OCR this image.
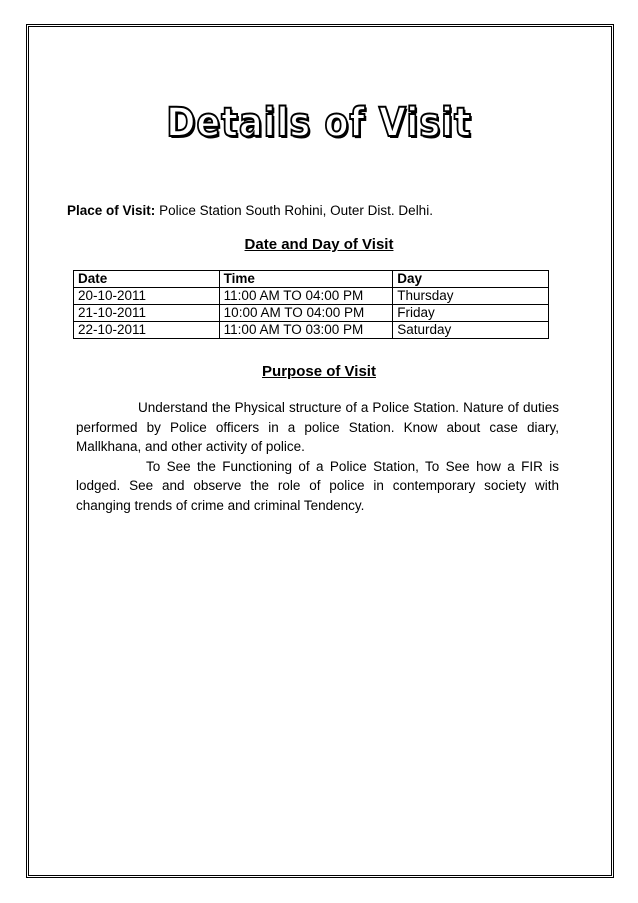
Details of Visit
Place of Visit: Police Station South Rohini, Outer Dist. Delhi.
Date and Day of Visit
Date	Time	Day
20-10-2011	11:00 AM TO 04:00 PM	Thursday
21-10-2011	10:00 AM TO 04:00 PM	Friday
22-10-2011	11:00 AM TO 03:00 PM	Saturday
Purpose of Visit

Understand the Physical structure of a Police Station. Nature of duties performed by Police officers in a police Station. Know about case diary, Mallkhana, and other activity of police.

To See the Functioning of a Police Station, To See how a FIR is lodged. See and observe the role of police in contemporary society with changing trends of crime and criminal Tendency.
